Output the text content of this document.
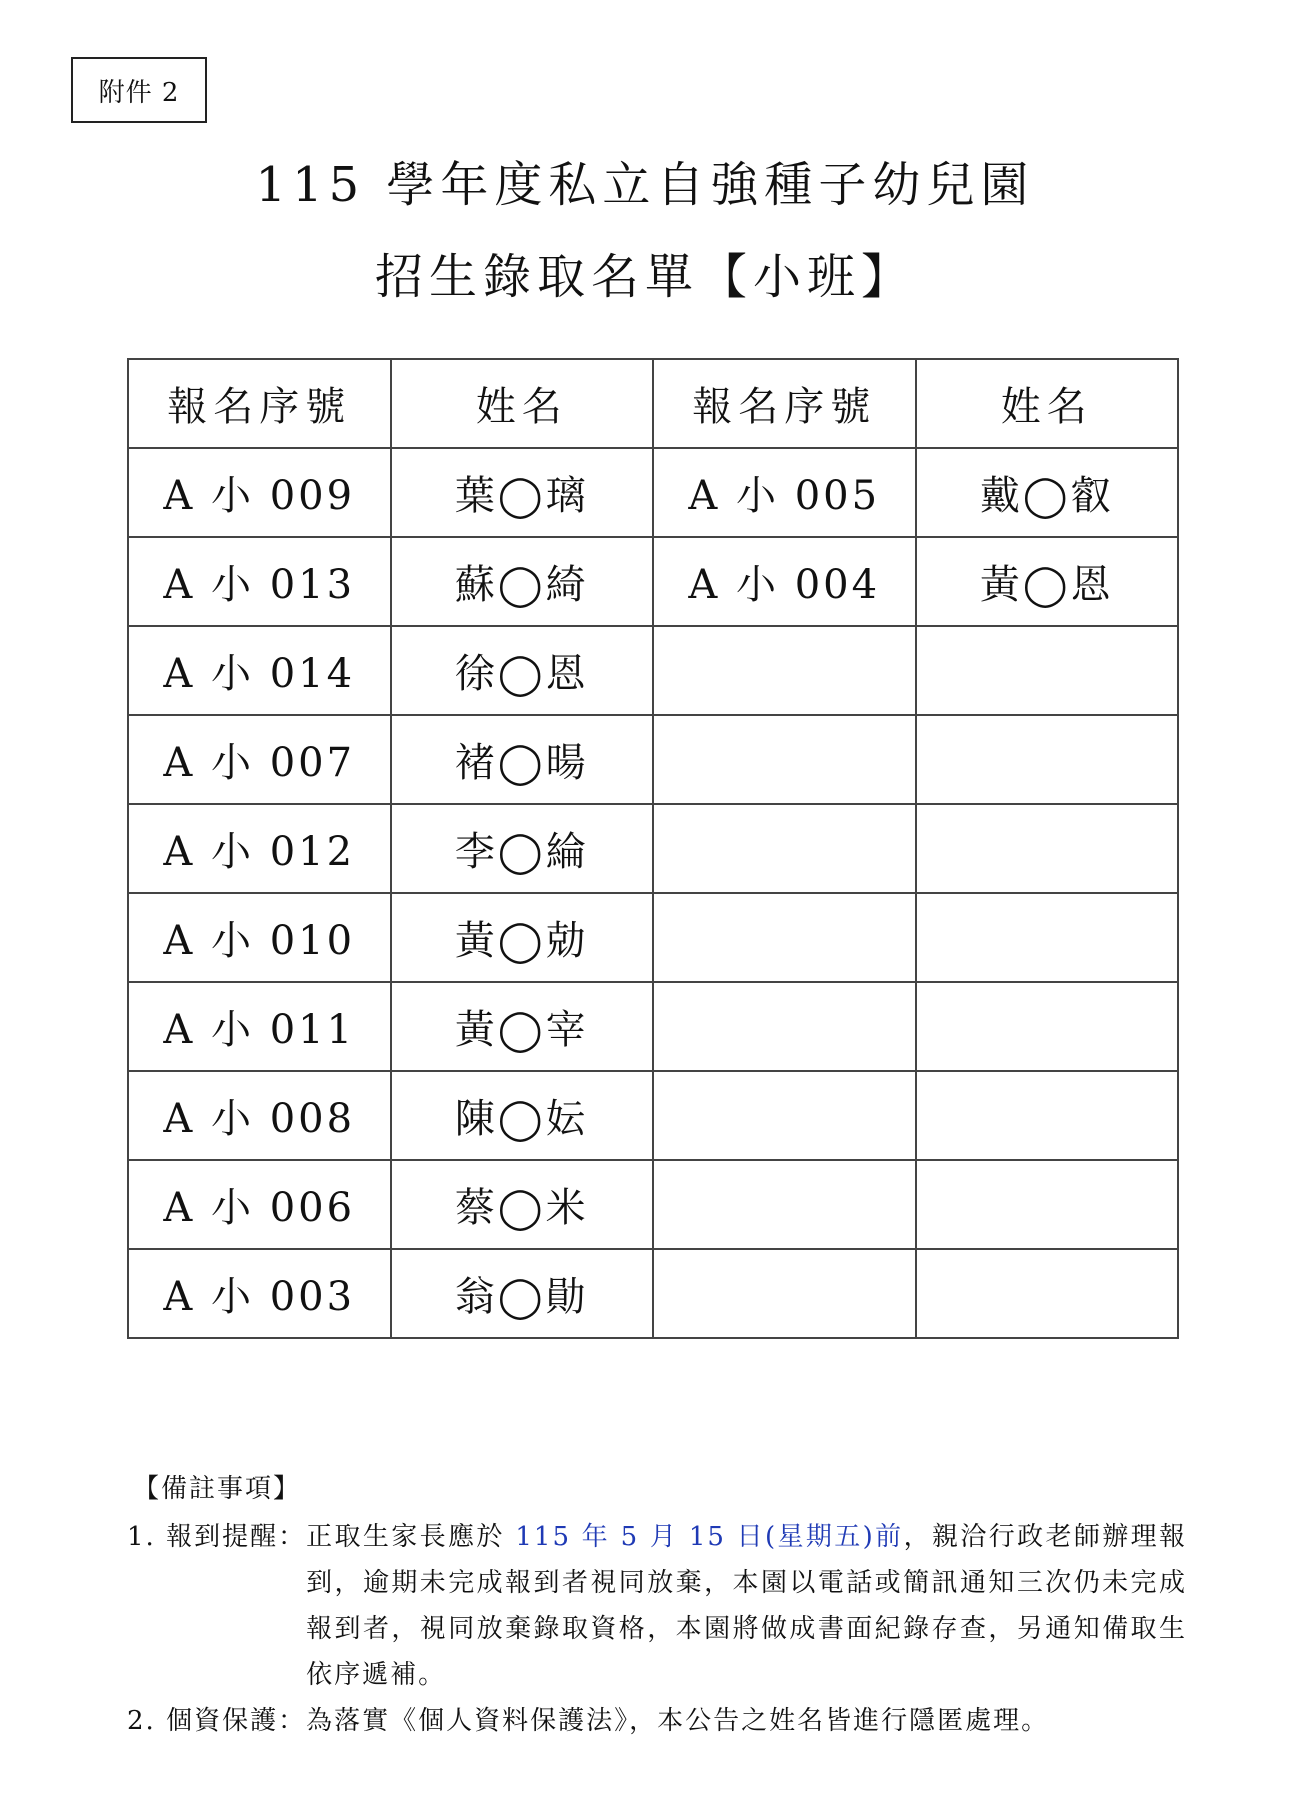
附件 2
115 學年度私立自強種子幼兒園
招生錄取名單【小班】
報名序號	姓名	報名序號	姓名
A 小 009	葉◯璃	A 小 005	戴◯叡
A 小 013	蘇◯綺	A 小 004	黃◯恩
A 小 014	徐◯恩		
A 小 007	褚◯暘		
A 小 012	李◯綸		
A 小 010	黃◯勀		
A 小 011	黃◯宰		
A 小 008	陳◯妘		
A 小 006	蔡◯米		
A 小 003	翁◯勛		
【備註事項】
1. 報到提醒： 正取生家長應於 115 年 5 月 15 日(星期五)前，親洽行政老師辦理報到，逾期未完成報到者視同放棄，本園以電話或簡訊通知三次仍未完成報到者，視同放棄錄取資格，本園將做成書面紀錄存查，另通知備取生依序遞補。
2. 個資保護： 為落實《個人資料保護法》，本公告之姓名皆進行隱匿處理。
